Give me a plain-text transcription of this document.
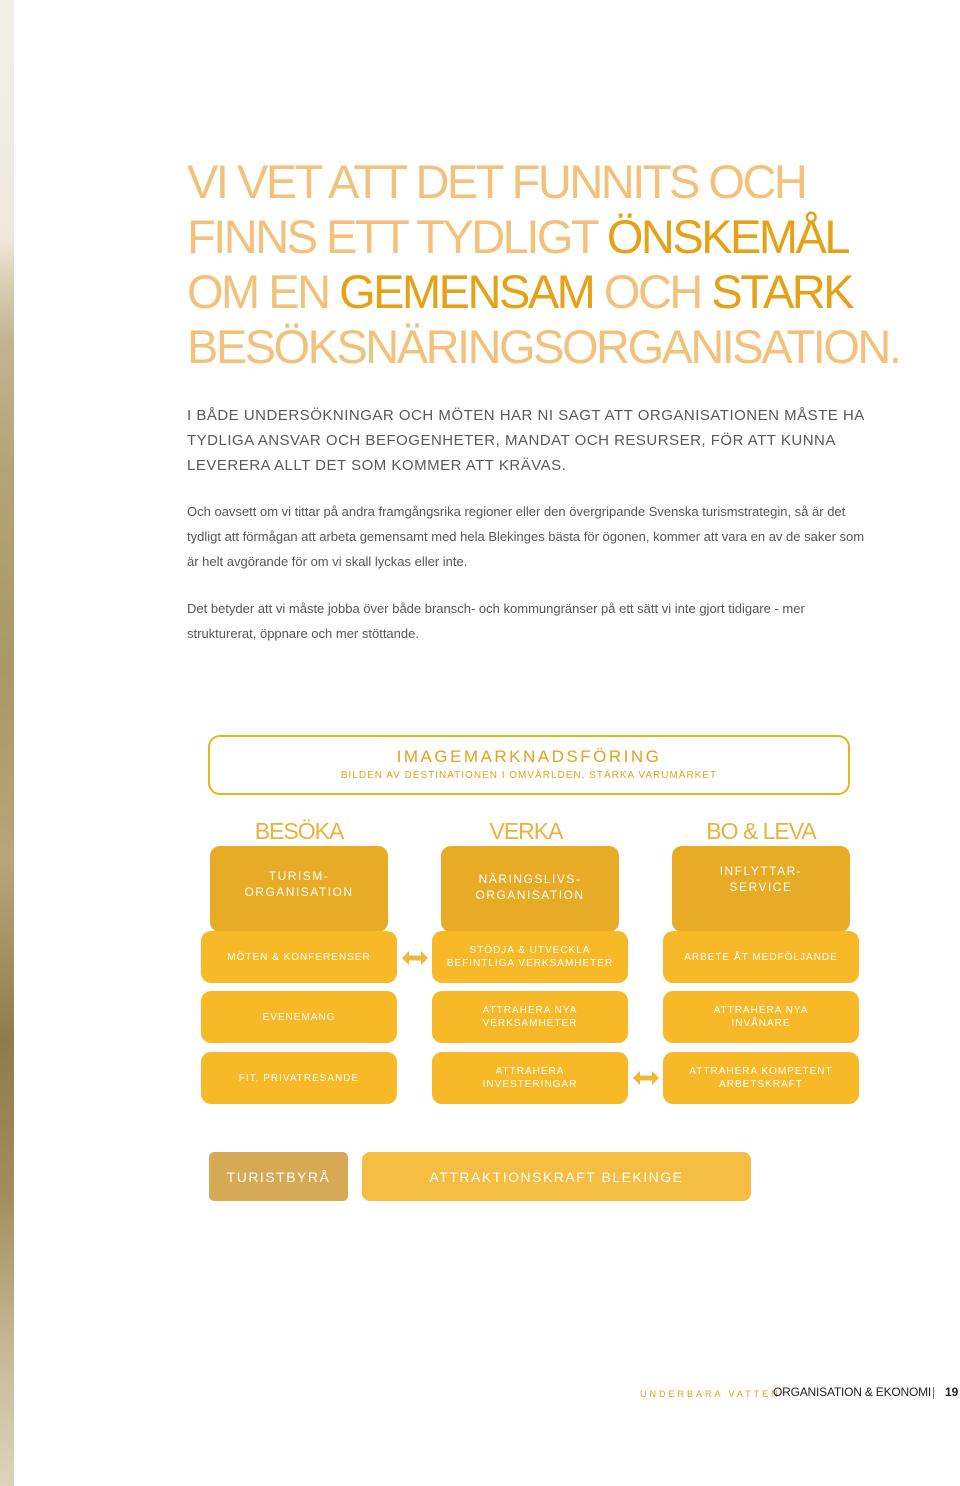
VI VET ATT DET FUNNITS OCH FINNS ETT TYDLIGT ÖNSKEMÅL OM EN GEMENSAM OCH STARK BESÖKSNÄRINGSORGANISATION.

I BÅDE UNDERSÖKNINGAR OCH MÖTEN HAR NI SAGT ATT ORGANISATIONEN MÅSTE HA TYDLIGA ANSVAR OCH BEFOGENHETER, MANDAT OCH RESURSER, FÖR ATT KUNNA LEVERERA ALLT DET SOM KOMMER ATT KRÄVAS.

Och oavsett om vi tittar på andra framgångsrika regioner eller den övergripande Svenska turismstrategin, så är det tydligt att förmågan att arbeta gemensamt med hela Blekinges bästa för ögonen, kommer att vara en av de saker som är helt avgörande för om vi skall lyckas eller inte.

Det betyder att vi måste jobba över både bransch- och kommungränser på ett sätt vi inte gjort tidigare - mer strukturerat, öppnare och mer stöttande.

IMAGEMARKNADSFÖRING
BILDEN AV DESTINATIONEN I OMVÄRLDEN, STÄRKA VARUMÄRKET
BESÖKA	VERKA	BO & LEVA
TURISM-
ORGANISATION
NÄRINGSLIVS-
ORGANISATION
INFLYTTAR-
SERVICE
MÖTEN & KONFERENSER
STÖDJA & UTVECKLA
BEFINTLIGA VERKSAMHETER
ARBETE ÅT MEDFÖLJANDE
EVENEMANG
ATTRAHERA NYA
VERKSAMHETER
ATTRAHERA NYA
INVÅNARE
FIT, PRIVATRESANDE
ATTRAHERA
INVESTERINGAR
ATTRAHERA KOMPETENT
ARBETSKRAFT
TURISTBYRÅ	ATTRAKTIONSKRAFT BLEKINGE
UNDERBARA VATTEN
ORGANISATION & EKONOMI 19
